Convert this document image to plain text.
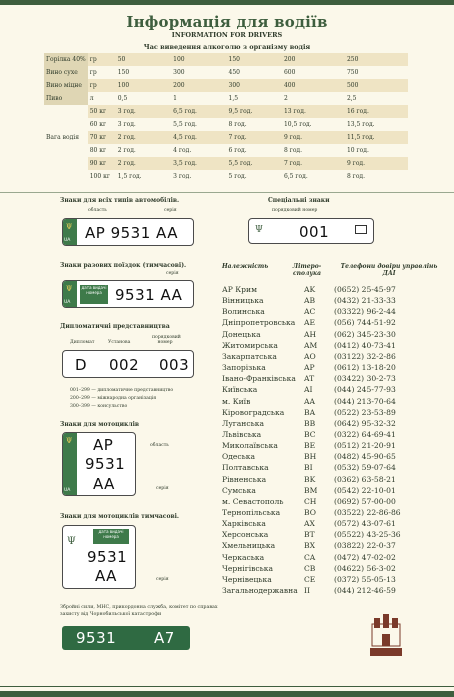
Інформація для водіїв
INFORMATION FOR DRIVERS
Час виведення алкоголю з організму водія
Горілка 40%	гр	50	100	150	200	250
Вино сухе	гр	150	300	450	600	750
Вино міцне	гр	100	200	300	400	500
Пиво	л	0,5	1	1,5	2	2,5
	50 кг	3 год.	6,5 год.	9,5 год.	13 год.	16 год.
	60 кг	3 год.	5,5 год.	8 год.	10,5 год.	13,5 год.
Вага водія	70 кг	2 год.	4,5 год.	7 год.	9 год.	11,5 год.
	80 кг	2 год.	4 год.	6 год.	8 год.	10 год.
	90 кг	2 год.	3,5 год.	5,5 год.	7 год.	9 год.
	100 кг	1,5 год.	3 год.	5 год.	6,5 год.	8 год.
Знаки для всіх типів автомобілів.
область	серія
Ψ
UA AP 9531 AA
Спеціальні знаки
порядковий номер
Ψ 001
Знаки разових поїздок (тимчасові).
серія
Ψ
UA
дата видачі номера 9531 AA
Дипломатичні представництва
Дипломат	Установа
порядковий номер
D 002 003
001–299 — дипломатичне представництво
200–299 — міжнародна організація
300–399 — консульство
Знаки для мотоциклів
область
серія
Ψ
UA
AP
9531
AA
Знаки для мотоциклів тимчасові.
серія
Ψ
дата видачі номера
9531
AA
Збройні сили, МНС, прикордонна служба, комітет по справах захисту від Чорнобильської катастрофи
9531	A7
Належність	Літеро-сполука
Телефони довіри управлінь ДАІ
АР Крим	AK (0652) 25-45-97
Вінницька	AB (0432) 21-33-33
Волинська	AC (03322) 96-2-44
Дніпропетровська AE (056) 744-51-92
Донецька	AH (062) 345-23-30
Житомирська	AM (0412) 40-73-41
Закарпатська	AO (03122) 32-2-86
Запорізька	AP	(0612) 13-18-20
Івано-Франківська AT	(03422) 30-2-73
Київська	AI	(044) 245-77-93
м. Київ	AA	(044) 213-70-64
Кіровоградська	BA (0522) 23-53-89
Луганська	BB (0642) 95-32-32
Львівська	BC (0322) 64-69-41
Миколаївська	BE (0512) 21-20-91
Одеська	BH (0482) 45-90-65
Полтавська	BI	(0532) 59-07-64
Рівненська	BK (0362) 63-58-21
Сумська	BM (0542) 22-10-01
м. Севастополь	CH (0692) 57-00-00
Тернопільська	BO (03522) 22-86-86
Харківська	AX	(0572) 43-07-61
Херсонська	BT	(05522) 43-25-36
Хмельницька	BX	(03822) 22-0-37
Черкаська	CA (0472) 47-02-02
Чернігівська	CB (04622) 56-3-02
Чернівецька	CE (0372) 55-05-13
Загальнодержавна II	(044) 212-46-59
